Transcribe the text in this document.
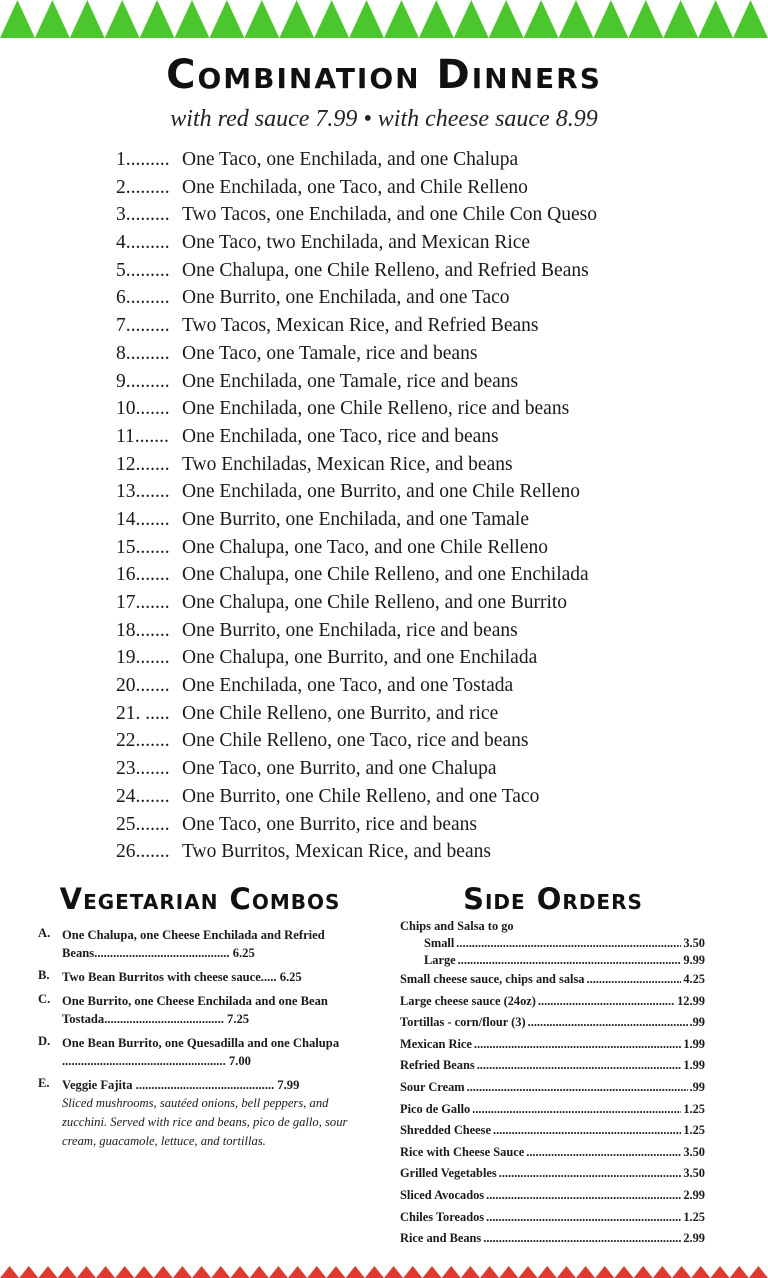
Combination Dinners

with red sauce 7.99 • with cheese sauce 8.99

1......... One Taco, one Enchilada, and one Chalupa
2......... One Enchilada, one Taco, and Chile Relleno
3......... Two Tacos, one Enchilada, and one Chile Con Queso
4......... One Taco, two Enchilada, and Mexican Rice
5......... One Chalupa, one Chile Relleno, and Refried Beans
6......... One Burrito, one Enchilada, and one Taco
7......... Two Tacos, Mexican Rice, and Refried Beans
8......... One Taco, one Tamale, rice and beans
9......... One Enchilada, one Tamale, rice and beans
10....... One Enchilada, one Chile Relleno, rice and beans
11....... One Enchilada, one Taco, rice and beans
12....... Two Enchiladas, Mexican Rice, and beans
13....... One Enchilada, one Burrito, and one Chile Relleno
14....... One Burrito, one Enchilada, and one Tamale
15....... One Chalupa, one Taco, and one Chile Relleno
16....... One Chalupa, one Chile Relleno, and one Enchilada
17....... One Chalupa, one Chile Relleno, and one Burrito
18....... One Burrito, one Enchilada, rice and beans
19....... One Chalupa, one Burrito, and one Enchilada
20....... One Enchilada, one Taco, and one Tostada
21. ..... One Chile Relleno, one Burrito, and rice
22....... One Chile Relleno, one Taco, rice and beans
23....... One Taco, one Burrito, and one Chalupa
24....... One Burrito, one Chile Relleno, and one Taco
25....... One Taco, one Burrito, rice and beans
26....... Two Burritos, Mexican Rice, and beans
Vegetarian Combos
A. One Chalupa, one Cheese Enchilada and Refried Beans........................................... 6.25
B. Two Bean Burritos with cheese sauce..... 6.25
C. One Burrito, one Cheese Enchilada and one Bean Tostada...................................... 7.25
D. One Bean Burrito, one Quesadilla and one Chalupa .................................................... 7.00
E. Veggie Fajita ............................................ 7.99
Sliced mushrooms, sautéed onions, bell peppers, and zucchini. Served with rice and beans, pico de gallo, sour cream, guacamole, lettuce, and tortillas.
Side Orders
Chips and Salsa to go
Small .....	3.50
Large .....	9.99
Small cheese sauce, chips and salsa .....	4.25
Large cheese sauce (24oz) .....	12.99
Tortillas - corn/flour (3) .....	.99
Mexican Rice .....	1.99
Refried Beans .....	1.99
Sour Cream .....	.99
Pico de Gallo .....	1.25
Shredded Cheese .....	1.25
Rice with Cheese Sauce .....	3.50
Grilled Vegetables .....	3.50
Sliced Avocados .....	2.99
Chiles Toreados .....	1.25
Rice and Beans .....	2.99
